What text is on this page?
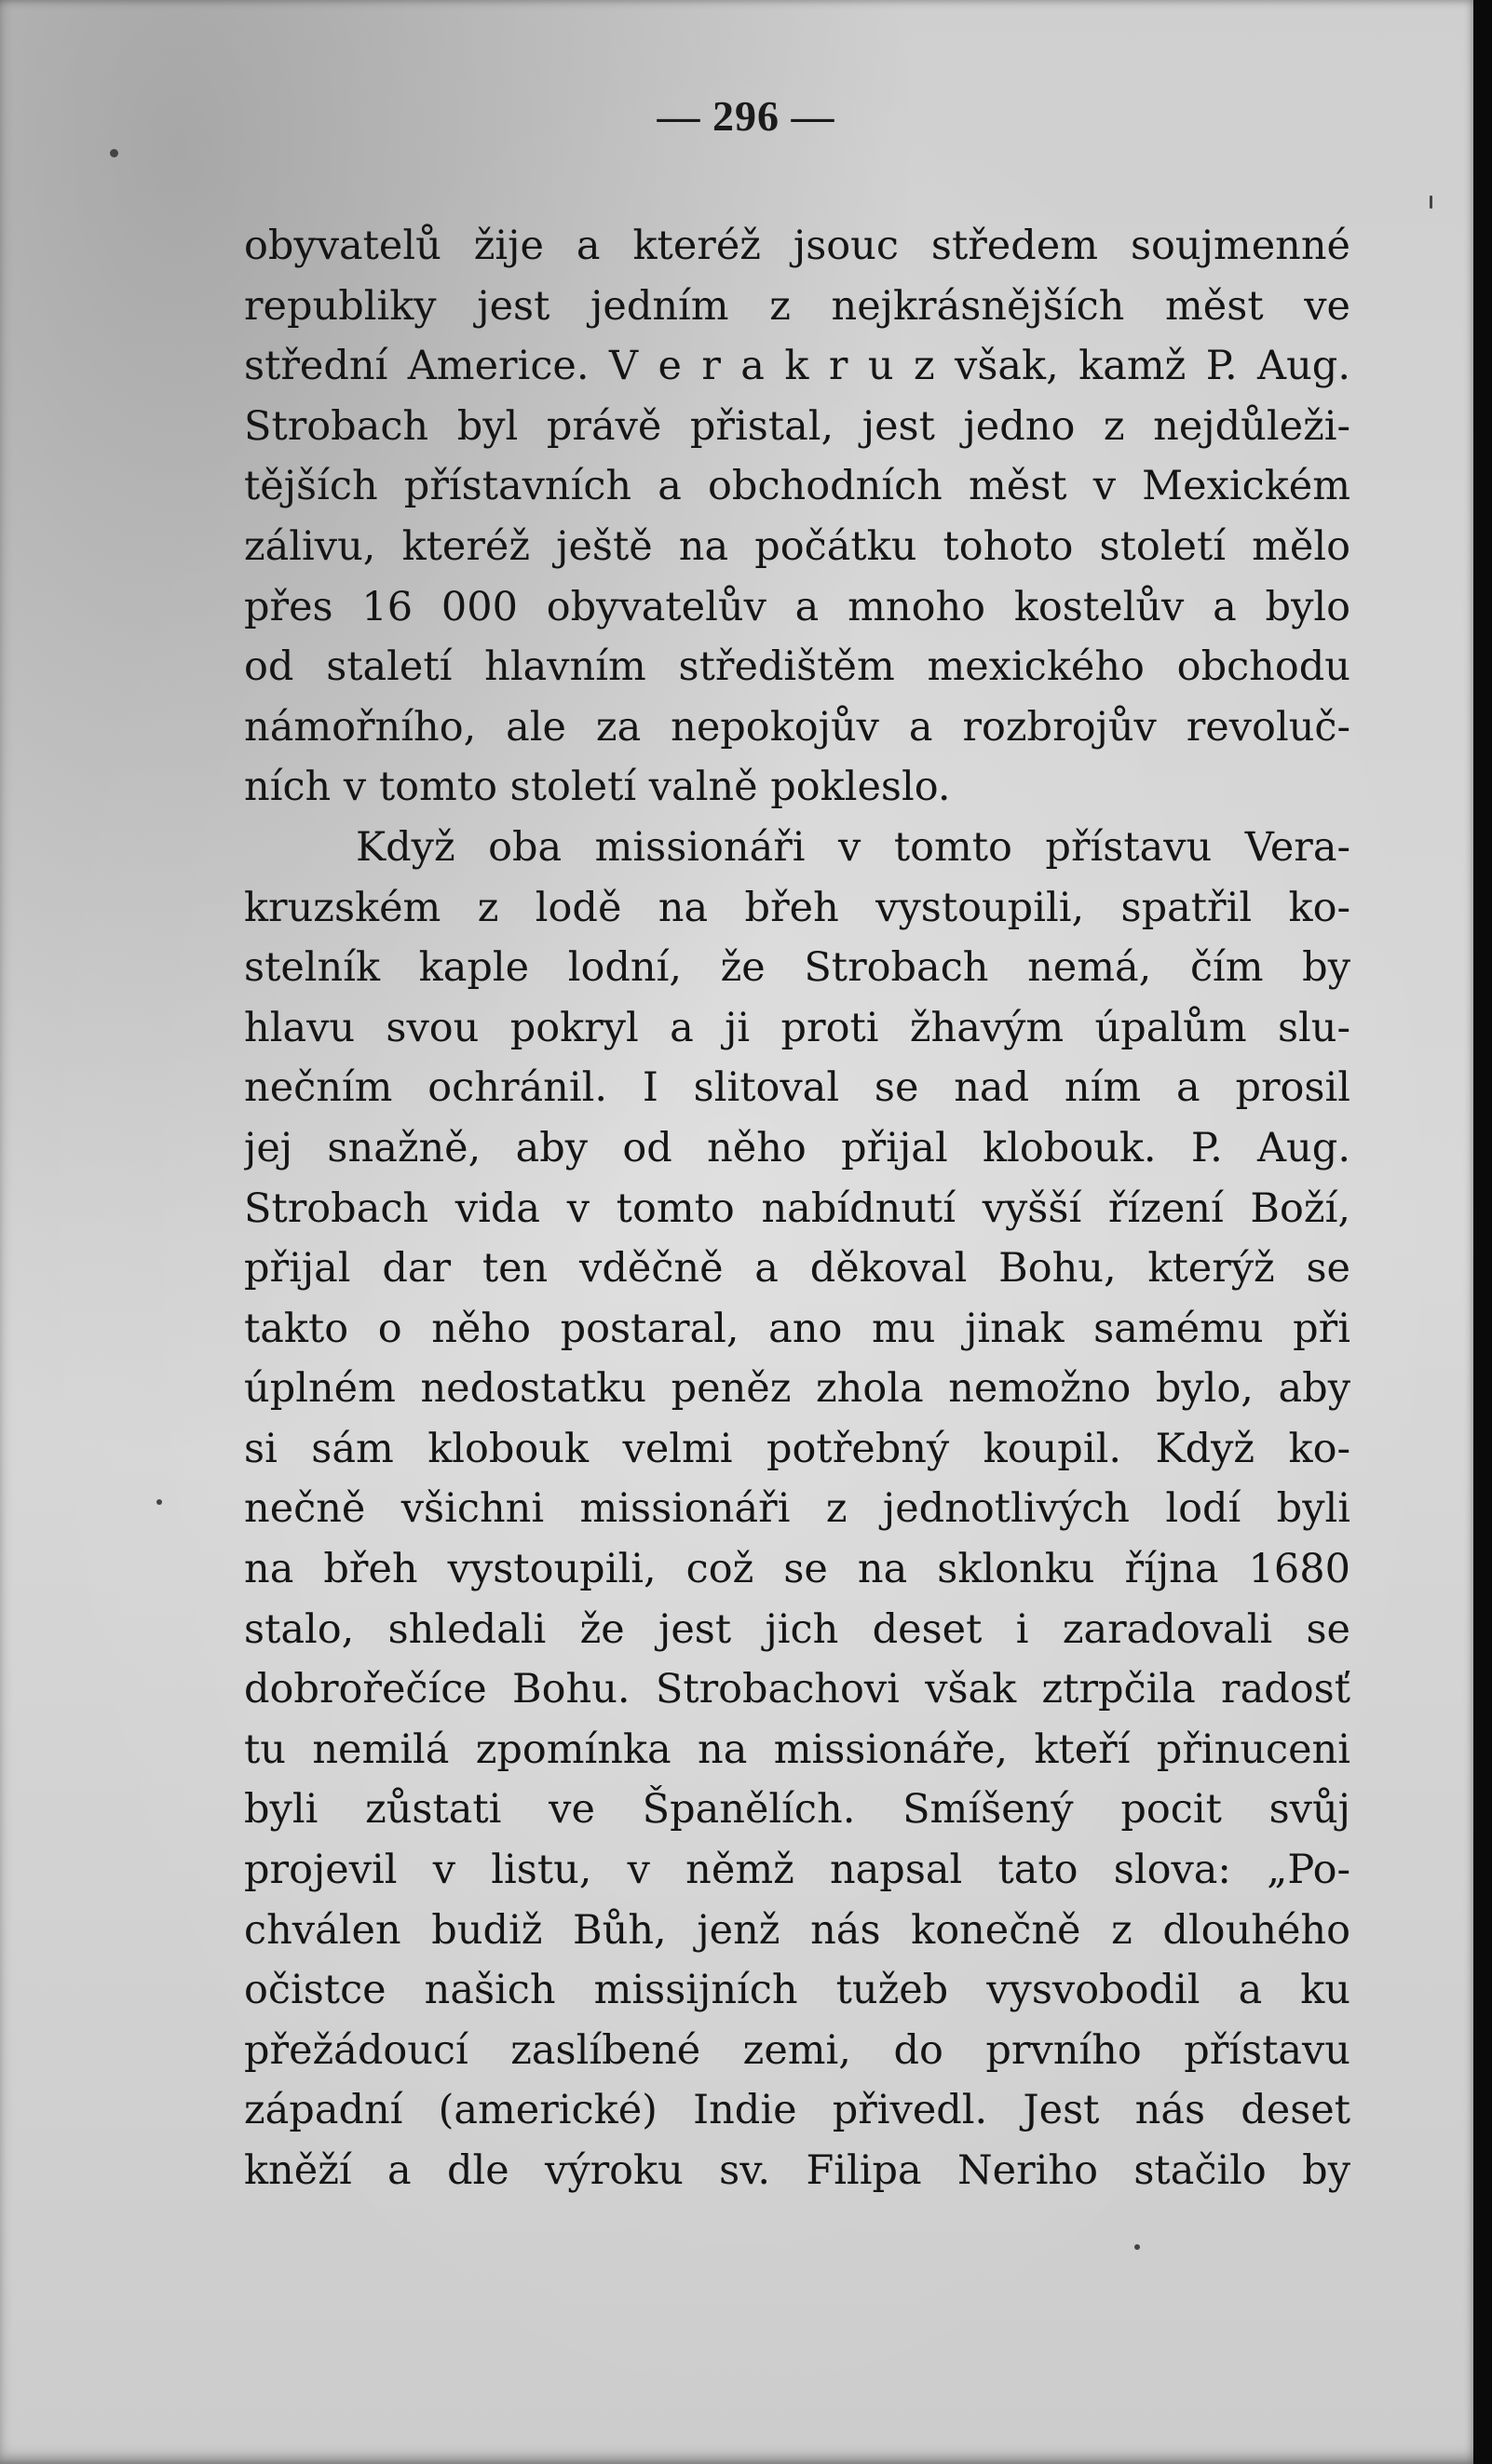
— 296 —
obyvatelů žije a kteréž jsouc středem soujmenné
republiky jest jedním z nejkrásnějších měst ve
střední Americe. V e r a k r u z však, kamž P. Aug.
Strobach byl právě přistal, jest jedno z nejdůleži-
tějších přístavních a obchodních měst v Mexickém
zálivu, kteréž ještě na počátku tohoto století mělo
přes 16 000 obyvatelův a mnoho kostelův a bylo
od staletí hlavním středištěm mexického obchodu
námořního, ale za nepokojův a rozbrojův revoluč-
ních v tomto století valně pokleslo.
Když oba missionáři v tomto přístavu Vera-
kruzském z lodě na břeh vystoupili, spatřil ko-
stelník kaple lodní, že Strobach nemá, čím by
hlavu svou pokryl a ji proti žhavým úpalům slu-
nečním ochránil. I slitoval se nad ním a prosil
jej snažně, aby od něho přijal klobouk. P. Aug.
Strobach vida v tomto nabídnutí vyšší řízení Boží,
přijal dar ten vděčně a děkoval Bohu, kterýž se
takto o něho postaral, ano mu jinak samému při
úplném nedostatku peněz zhola nemožno bylo, aby
si sám klobouk velmi potřebný koupil. Když ko-
nečně všichni missionáři z jednotlivých lodí byli
na břeh vystoupili, což se na sklonku října 1680
stalo, shledali že jest jich deset i zaradovali se
dobrořečíce Bohu. Strobachovi však ztrpčila radosť
tu nemilá zpomínka na missionáře, kteří přinuceni
byli zůstati ve Španělích. Smíšený pocit svůj
projevil v listu, v němž napsal tato slova: „Po-
chválen budiž Bůh, jenž nás konečně z dlouhého
očistce našich missijních tužeb vysvobodil a ku
přežádoucí zaslíbené zemi, do prvního přístavu
západní (americké) Indie přivedl. Jest nás deset
kněží a dle výroku sv. Filipa Neriho stačilo by
